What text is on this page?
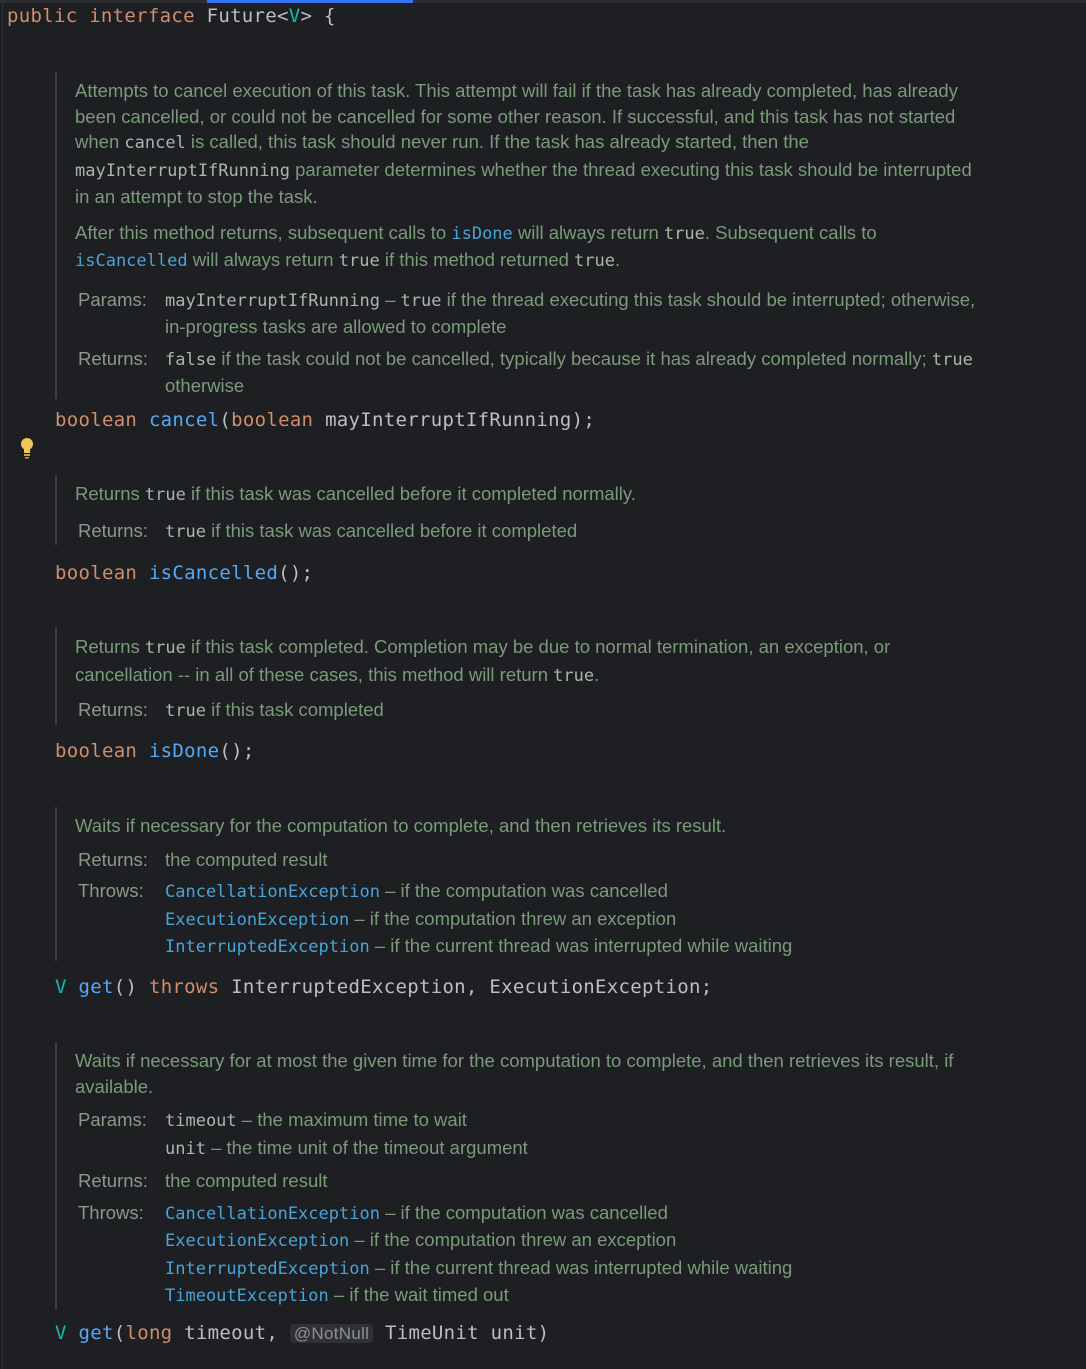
public interface Future<V> {

Attempts to cancel execution of this task. This attempt will fail if the task has already completed, has already been cancelled, or could not be cancelled for some other reason. If successful, and this task has not started when cancel is called, this task should never run. If the task has already started, then the mayInterruptIfRunning parameter determines whether the thread executing this task should be interrupted in an attempt to stop the task.

After this method returns, subsequent calls to isDone will always return true. Subsequent calls to isCancelled will always return true if this method returned true.

Params:	mayInterruptIfRunning – true if the thread executing this task should be interrupted; otherwise, in-progress tasks are allowed to complete
Returns:	false if the task could not be cancelled, typically because it has already completed normally; true otherwise
boolean cancel(boolean mayInterruptIfRunning);

Returns true if this task was cancelled before it completed normally.

Returns:	true if this task was cancelled before it completed
boolean isCancelled();

Returns true if this task completed. Completion may be due to normal termination, an exception, or cancellation -- in all of these cases, this method will return true.

Returns:	true if this task completed
boolean isDone();

Waits if necessary for the computation to complete, and then retrieves its result.

Returns: the computed result
Throws:	CancellationException – if the computation was cancelled
ExecutionException – if the computation threw an exception
InterruptedException – if the current thread was interrupted while waiting
V get() throws InterruptedException, ExecutionException;

Waits if necessary for at most the given time for the computation to complete, and then retrieves its result, if available.

Params:	timeout – the maximum time to wait
unit – the time unit of the timeout argument
Returns: the computed result
Throws:	CancellationException – if the computation was cancelled
ExecutionException – if the computation threw an exception
InterruptedException – if the current thread was interrupted while waiting
TimeoutException – if the wait timed out
V get(long timeout, @NotNull TimeUnit unit)
